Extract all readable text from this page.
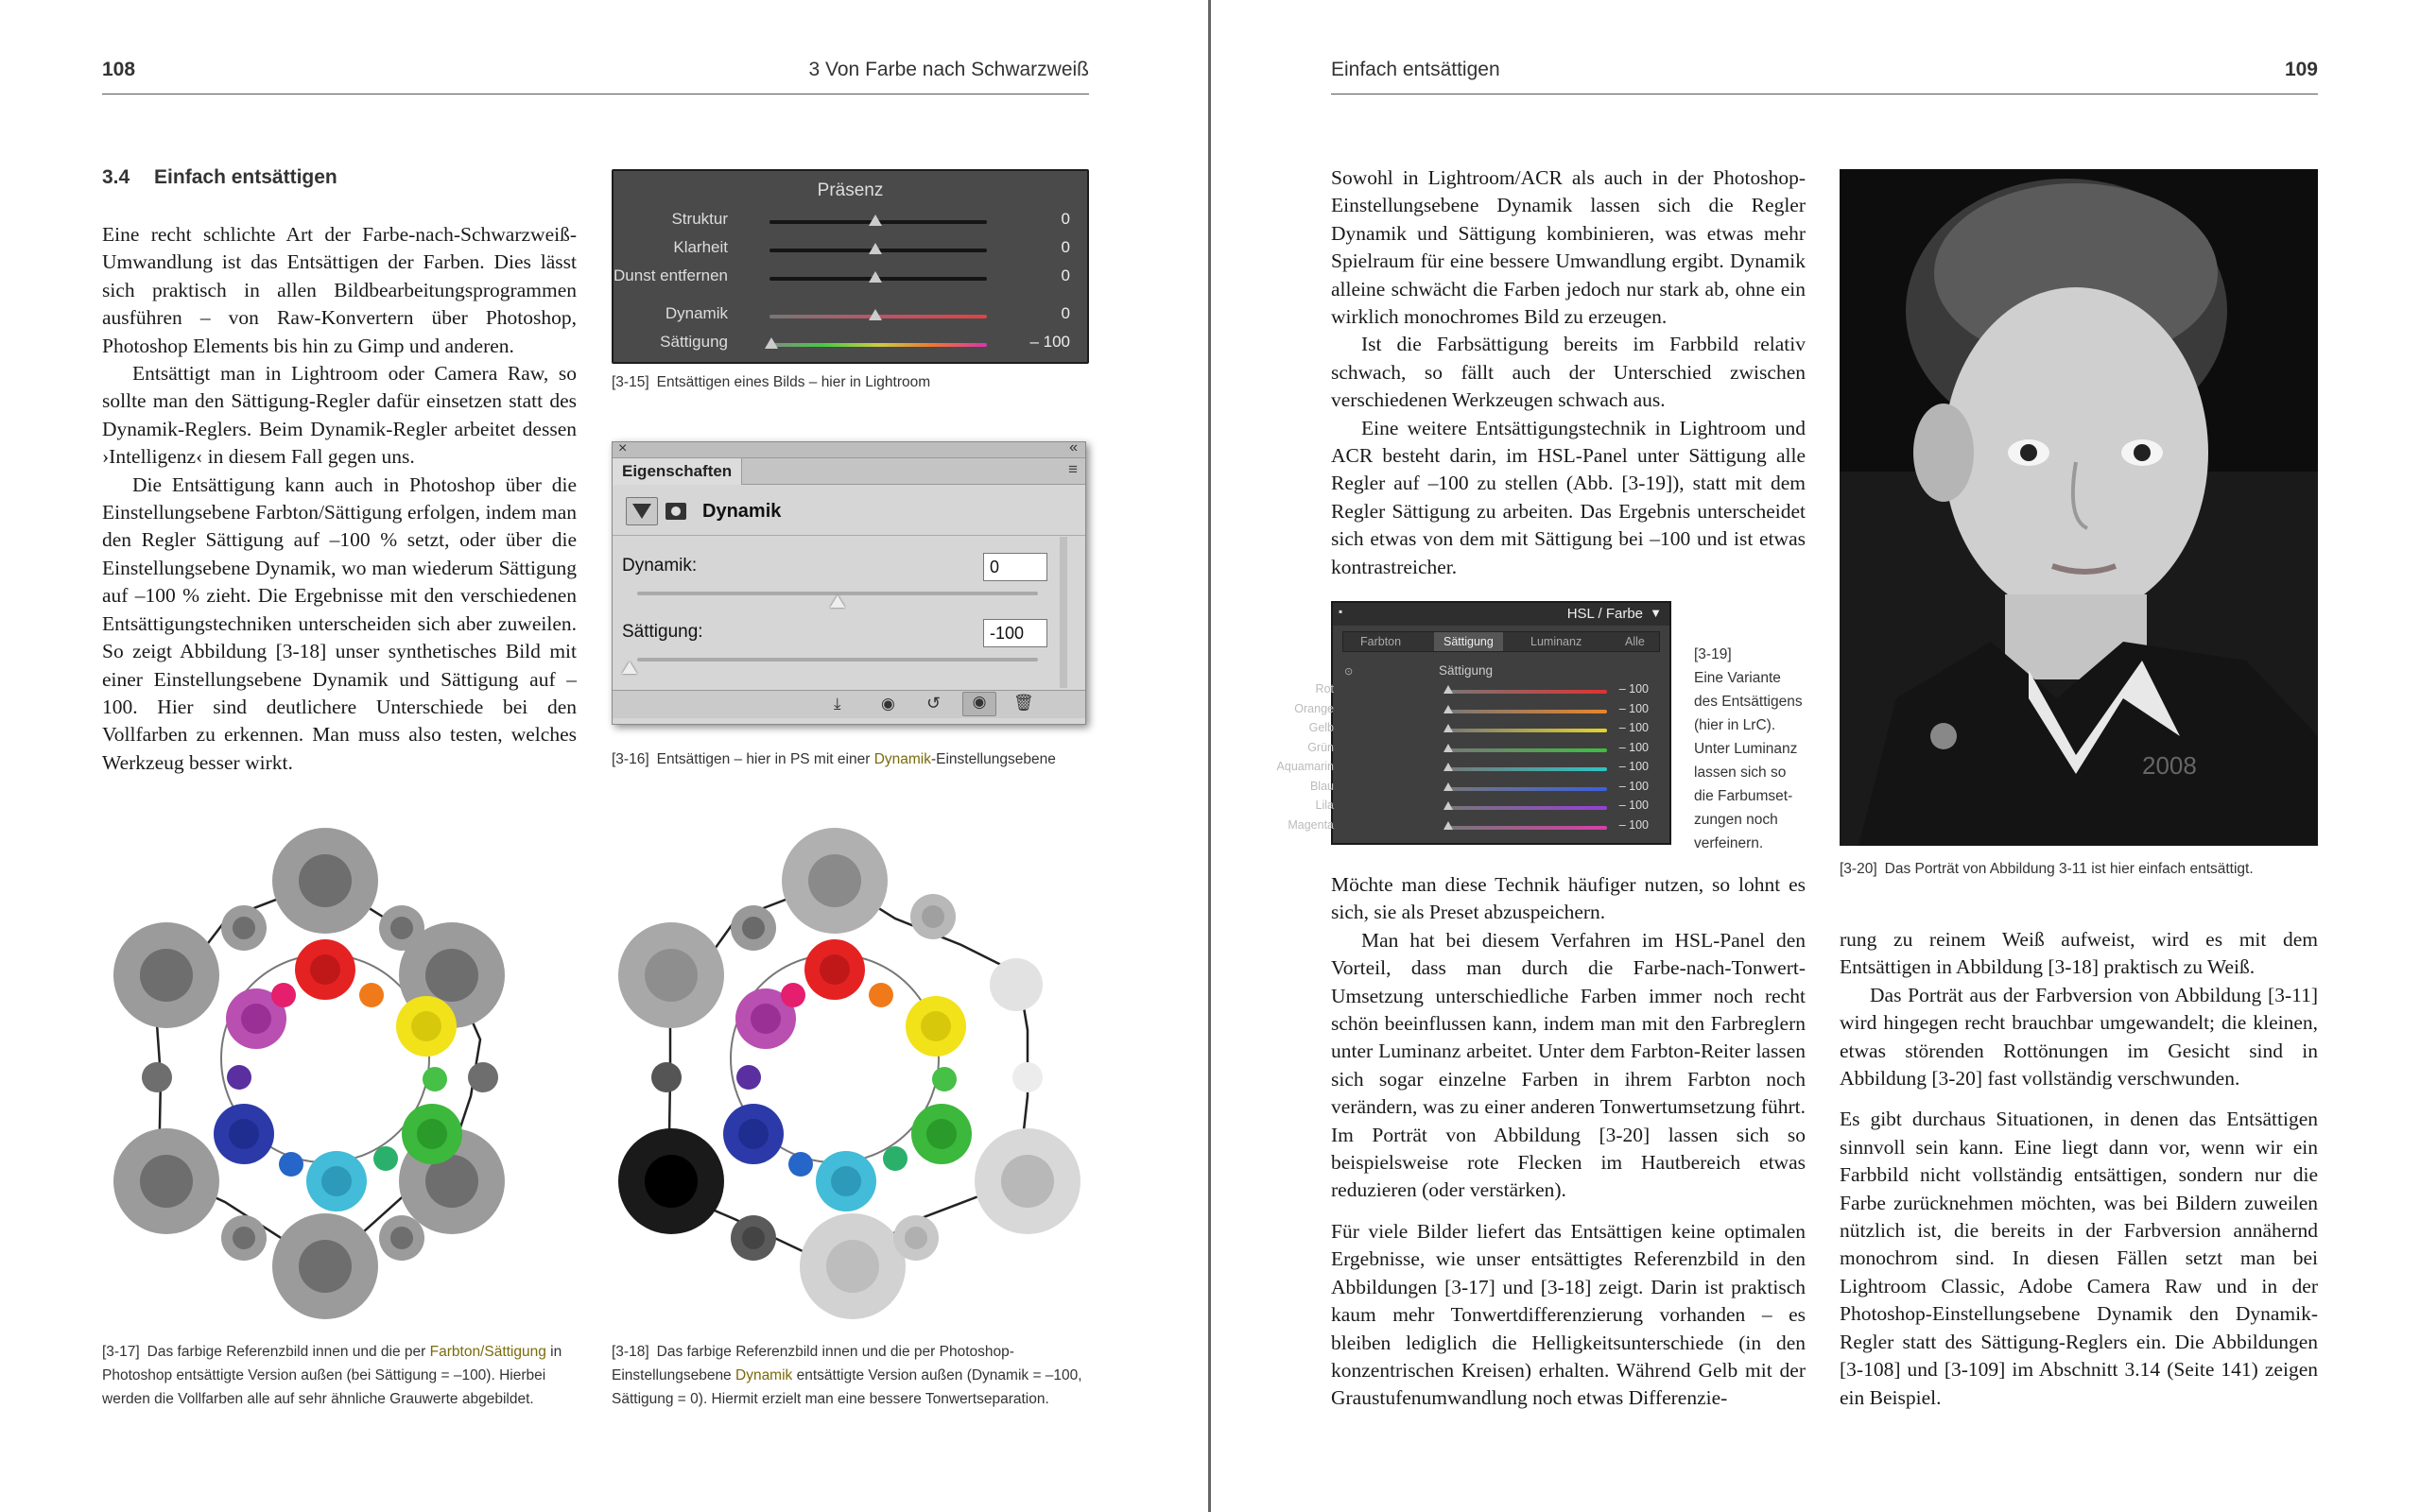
108	3 Von Farbe nach Schwarzweiß
3.4 Einfach entsättigen

Eine recht schlichte Art der Farbe-nach-Schwarzweiß-Umwandlung ist das Entsättigen der Farben. Dies lässt sich praktisch in allen Bildbearbeitungsprogrammen ausführen – von Raw-Konvertern über Photoshop, Photoshop Elements bis hin zu Gimp und anderen.

Entsättigt man in Lightroom oder Camera Raw, so sollte man den Sättigung-Regler dafür einsetzen statt des Dynamik-Reglers. Beim Dynamik-Regler arbeitet dessen ›Intelligenz‹ in diesem Fall gegen uns.

Die Entsättigung kann auch in Photoshop über die Einstellungsebene Farbton/Sättigung erfolgen, indem man den Regler Sättigung auf –100 % setzt, oder über die Einstellungsebene Dynamik, wo man wiederum Sättigung auf –100 % zieht. Die Ergebnisse mit den verschiedenen Entsättigungstechniken unterscheiden sich aber zuweilen. So zeigt Abbildung [3-18] unser synthetisches Bild mit einer Einstellungsebene Dynamik und Sättigung auf –100. Hier sind deutlichere Unterschiede bei den Vollfarben zu erkennen. Man muss also testen, welches Werkzeug besser wirkt.

Präsenz
Struktur	0
Klarheit	0
Dunst entfernen	0
Dynamik	0
Sättigung	– 100
[3-15] Entsättigen eines Bilds – hier in Lightroom
×	«
Eigenschaften	≡
Dynamik
Dynamik:	0
Sättigung:	-100
⤓ ◉ ↺	◉	🗑
[3-16] Entsättigen – hier in PS mit einer Dynamik-Einstellungsebene
[3-17] Das farbige Referenzbild innen und die per Farbton/Sättigung in Photoshop entsättigte Version außen (bei Sättigung = –100). Hierbei werden die Vollfarben alle auf sehr ähnliche Grauwerte abgebildet.
[3-18] Das farbige Referenzbild innen und die per Photoshop-Einstellungsebene Dynamik entsättigte Version außen (Dynamik = –100, Sättigung = 0). Hiermit erzielt man eine bessere Tonwertseparation.
Einfach entsättigen	109

Sowohl in Lightroom/ACR als auch in der Photoshop-Einstellungsebene Dynamik lassen sich die Regler Dynamik und Sättigung kombinieren, was etwas mehr Spielraum für eine bessere Umwandlung ergibt. Dynamik alleine schwächt die Farben jedoch nur stark ab, ohne ein wirklich monochromes Bild zu erzeugen.

Ist die Farbsättigung bereits im Farbbild relativ schwach, so fällt auch der Unterschied zwischen verschiedenen Werkzeugen schwach aus.

Eine weitere Entsättigungstechnik in Lightroom und ACR besteht darin, im HSL-Panel unter Sättigung alle Regler auf –100 zu stellen (Abb. [3-19]), statt mit dem Regler Sättigung zu arbeiten. Das Ergebnis unterscheidet sich etwas von dem mit Sättigung bei –100 und ist etwas kontrastreicher.

▪	HSL / Farbe ▼
Farbton	Sättigung	Luminanz	Alle
⊙	Sättigung
Rot	– 100
Orange	– 100
Gelb	– 100
Grün	– 100
Aquamarin	– 100
Blau	– 100
Lila	– 100
Magenta	– 100
[3-19]
Eine Variante
des Entsättigens
(hier in LrC).
Unter Luminanz
lassen sich so
die Farbumset-
zungen noch
verfeinern.

Möchte man diese Technik häufiger nutzen, so lohnt es sich, sie als Preset abzuspeichern.

Man hat bei diesem Verfahren im HSL-Panel den Vorteil, dass man durch die Farbe-nach-Tonwert-Umsetzung unterschiedliche Farben immer noch recht schön beeinflussen kann, indem man mit den Farbreglern unter Luminanz arbeitet. Unter dem Farbton-Reiter lassen sich sogar einzelne Farben in ihrem Farbton noch verändern, was zu einer anderen Tonwertumsetzung führt. Im Porträt von Abbildung [3-20] lassen sich so beispielsweise rote Flecken im Hautbereich etwas reduzieren (oder verstärken).

Für viele Bilder liefert das Entsättigen keine optimalen Ergebnisse, wie unser entsättigtes Referenzbild in den Abbildungen [3-17] und [3-18] zeigt. Darin ist praktisch kaum mehr Tonwertdifferenzierung vorhanden – es bleiben lediglich die Helligkeitsunterschiede (in den konzentrischen Kreisen) erhalten. Während Gelb mit der Graustufenumwandlung noch etwas Differenzie-

2008
[3-20] Das Porträt von Abbildung 3-11 ist hier einfach entsättigt.

rung zu reinem Weiß aufweist, wird es mit dem Entsättigen in Abbildung [3-18] praktisch zu Weiß.

Das Porträt aus der Farbversion von Abbildung [3-11] wird hingegen recht brauchbar umgewandelt; die kleinen, etwas störenden Rottönungen im Gesicht sind in Abbildung [3-20] fast vollständig verschwunden.

Es gibt durchaus Situationen, in denen das Entsättigen sinnvoll sein kann. Eine liegt dann vor, wenn wir ein Farbbild nicht vollständig entsättigen, sondern nur die Farbe zurücknehmen möchten, was bei Bildern zuweilen nützlich ist, die bereits in der Farbversion annähernd monochrom sind. In diesen Fällen setzt man bei Lightroom Classic, Adobe Camera Raw und in der Photoshop-Einstellungsebene Dynamik den Dynamik-Regler statt des Sättigung-Reglers ein. Die Abbildungen [3-108] und [3-109] im Abschnitt 3.14 (Seite 141) zeigen ein Beispiel.
